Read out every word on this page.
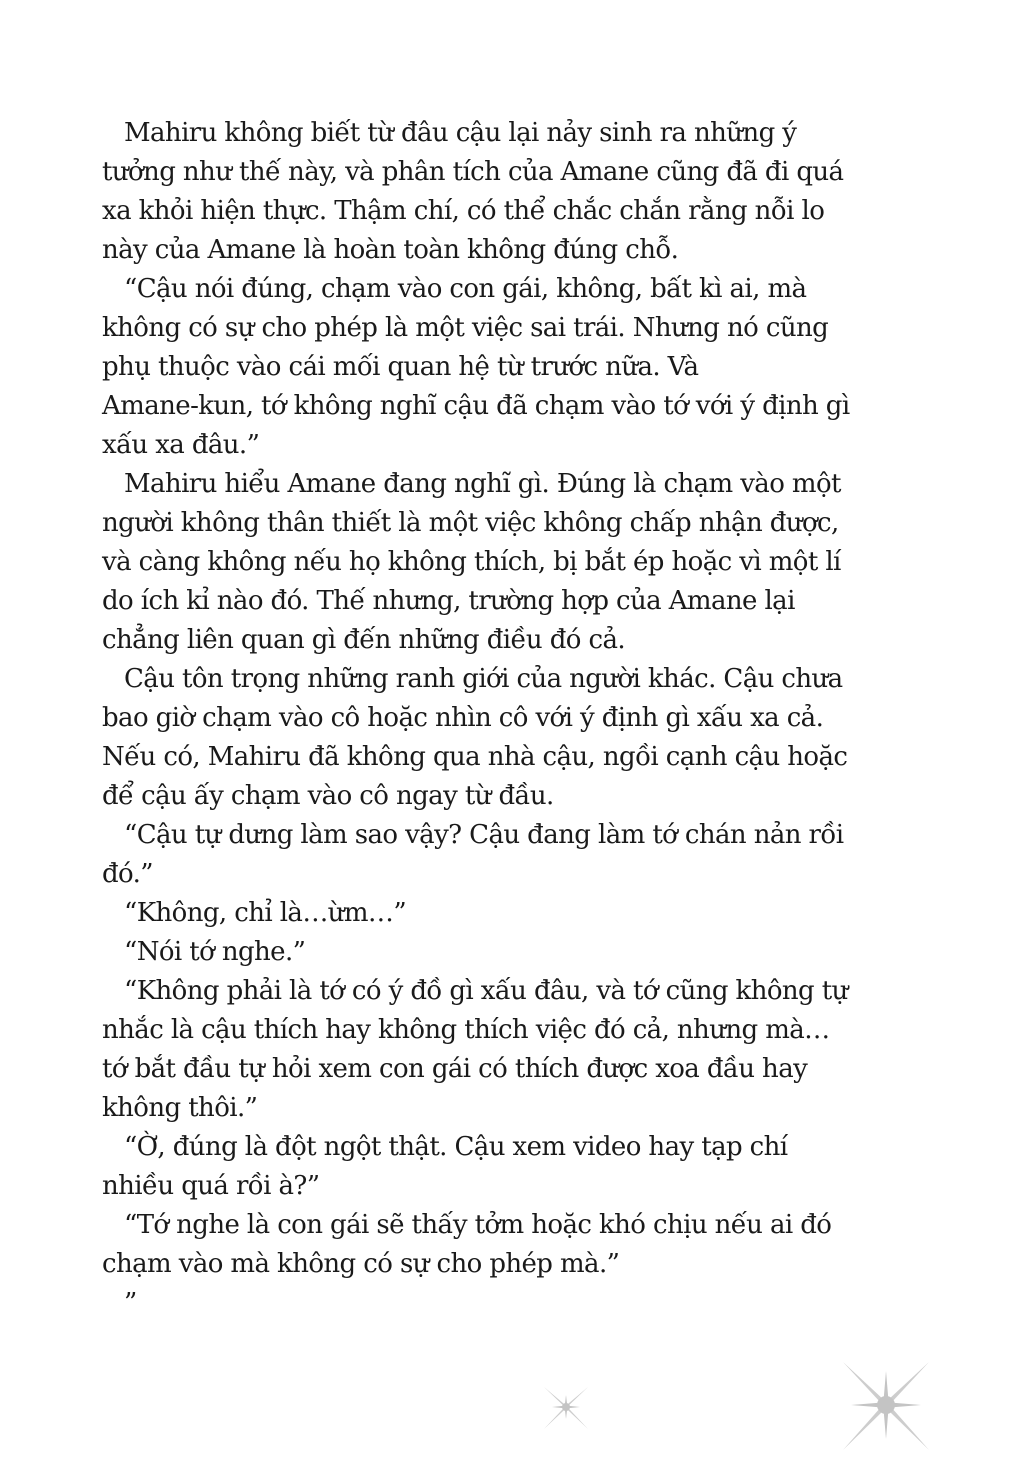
Mahiru không biết từ đâu cậu lại nảy sinh ra những ý
tưởng như thế này, và phân tích của Amane cũng đã đi quá
xa khỏi hiện thực. Thậm chí, có thể chắc chắn rằng nỗi lo
này của Amane là hoàn toàn không đúng chỗ.
“Cậu nói đúng, chạm vào con gái, không, bất kì ai, mà
không có sự cho phép là một việc sai trái. Nhưng nó cũng
phụ thuộc vào cái mối quan hệ từ trước nữa. Và
Amane-kun, tớ không nghĩ cậu đã chạm vào tớ với ý định gì
xấu xa đâu.”
Mahiru hiểu Amane đang nghĩ gì. Đúng là chạm vào một
người không thân thiết là một việc không chấp nhận được,
và càng không nếu họ không thích, bị bắt ép hoặc vì một lí
do ích kỉ nào đó. Thế nhưng, trường hợp của Amane lại
chẳng liên quan gì đến những điều đó cả.
Cậu tôn trọng những ranh giới của người khác. Cậu chưa
bao giờ chạm vào cô hoặc nhìn cô với ý định gì xấu xa cả.
Nếu có, Mahiru đã không qua nhà cậu, ngồi cạnh cậu hoặc
để cậu ấy chạm vào cô ngay từ đầu.
“Cậu tự dưng làm sao vậy? Cậu đang làm tớ chán nản rồi
đó.”
“Không, chỉ là…ừm…”
“Nói tớ nghe.”
“Không phải là tớ có ý đồ gì xấu đâu, và tớ cũng không tự
nhắc là cậu thích hay không thích việc đó cả, nhưng mà…
tớ bắt đầu tự hỏi xem con gái có thích được xoa đầu hay
không thôi.”
“Ờ, đúng là đột ngột thật. Cậu xem video hay tạp chí
nhiều quá rồi à?”
“Tớ nghe là con gái sẽ thấy tởm hoặc khó chịu nếu ai đó
chạm vào mà không có sự cho phép mà.”
”
